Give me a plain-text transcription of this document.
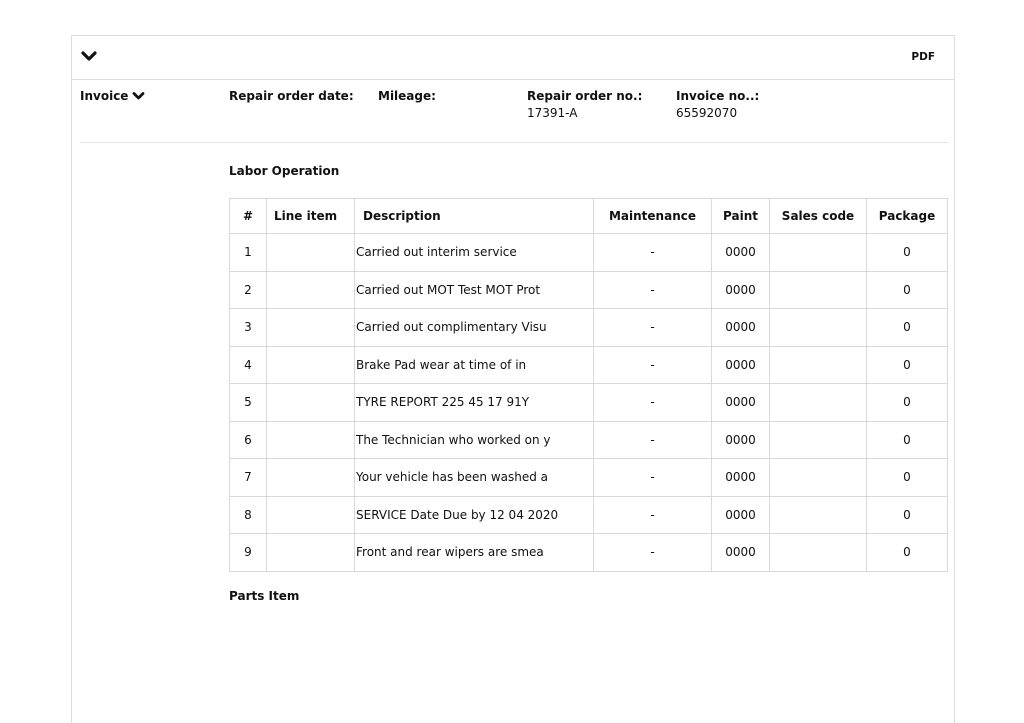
PDF
Invoice	Repair order date: Mileage:	Repair order no.:
17391-A
Invoice no..:
65592070
Labor Operation
#	Line item	Description	Maintenance	Paint	Sales code	Package
1		Carried out interim service	-	0000		0
2		Carried out MOT Test MOT Prot	-	0000		0
3		Carried out complimentary Visu	-	0000		0
4		Brake Pad wear at time of in	-	0000		0
5		TYRE REPORT 225 45 17 91Y	-	0000		0
6		The Technician who worked on y	-	0000		0
7		Your vehicle has been washed a	-	0000		0
8		SERVICE Date Due by 12 04 2020	-	0000		0
9		Front and rear wipers are smea	-	0000		0
Parts Item
